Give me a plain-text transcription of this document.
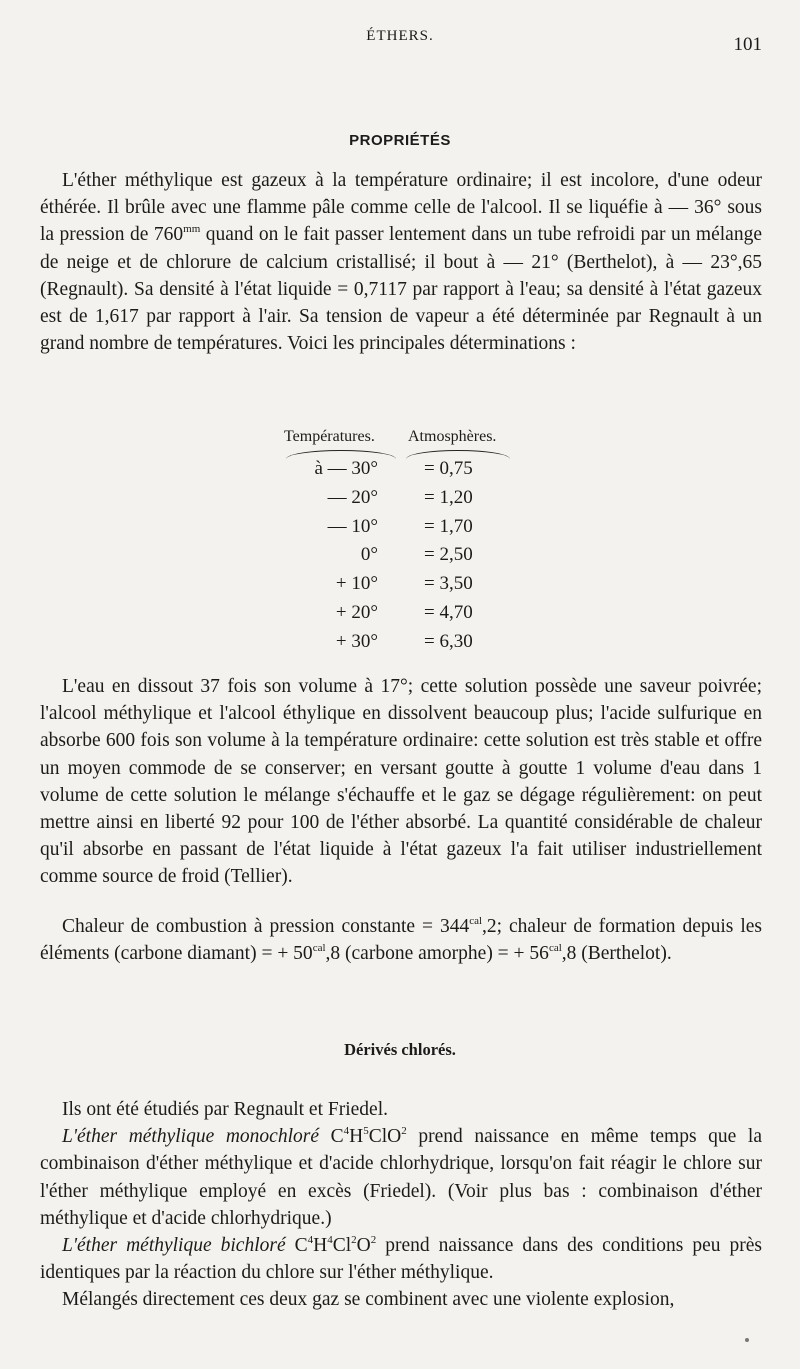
ÉTHERS.	101
PROPRIÉTÉS
L'éther méthylique est gazeux à la température ordinaire; il est incolore, d'une odeur éthérée. Il brûle avec une flamme pâle comme celle de l'alcool. Il se liquéfie à — 36° sous la pression de $760^{mm}$ quand on le fait passer lentement dans un tube refroidi par un mélange de neige et de chlorure de calcium cristallisé; il bout à — 21° (Berthelot), à — 23°,65 (Regnault). Sa densité à l'état liquide = 0,7117 par rapport à l'eau; sa densité à l'état gazeux est de 1,617 par rapport à l'air. Sa tension de vapeur a été déterminée par Regnault à un grand nombre de températures. Voici les principales déterminations :
Températures. Atmosphères.
à — 30° = 0,75
— 20° = 1,20
— 10° = 1,70
0° = 2,50
+ 10° = 3,50
+ 20° = 4,70
+ 30° = 6,30
L'eau en dissout 37 fois son volume à 17°; cette solution possède une saveur poivrée; l'alcool méthylique et l'alcool éthylique en dissolvent beaucoup plus; l'acide sulfurique en absorbe 600 fois son volume à la température ordinaire: cette solution est très stable et offre un moyen commode de se conserver; en versant goutte à goutte 1 volume d'eau dans 1 volume de cette solution le mélange s'échauffe et le gaz se dégage régulièrement: on peut mettre ainsi en liberté 92 pour 100 de l'éther absorbé. La quantité considérable de chaleur qu'il absorbe en passant de l'état liquide à l'état gazeux l'a fait utiliser industriellement comme source de froid (Tellier).
Chaleur de combustion à pression constante = $344^{cal},2$; chaleur de formation depuis les éléments (carbone diamant) = + $50^{cal},8$ (carbone amorphe) = + $56^{cal},8$ (Berthelot).
Dérivés chlorés.

Ils ont été étudiés par Regnault et Friedel.

L'éther méthylique monochloré $C^4H^5ClO^2$ prend naissance en même temps que la combinaison d'éther méthylique et d'acide chlorhydrique, lorsqu'on fait réagir le chlore sur l'éther méthylique employé en excès (Friedel). (Voir plus bas : combinaison d'éther méthylique et d'acide chlorhydrique.)

L'éther méthylique bichloré $C^4H^4Cl^2O^2$ prend naissance dans des conditions peu près identiques par la réaction du chlore sur l'éther méthylique.

Mélangés directement ces deux gaz se combinent avec une violente explosion,
